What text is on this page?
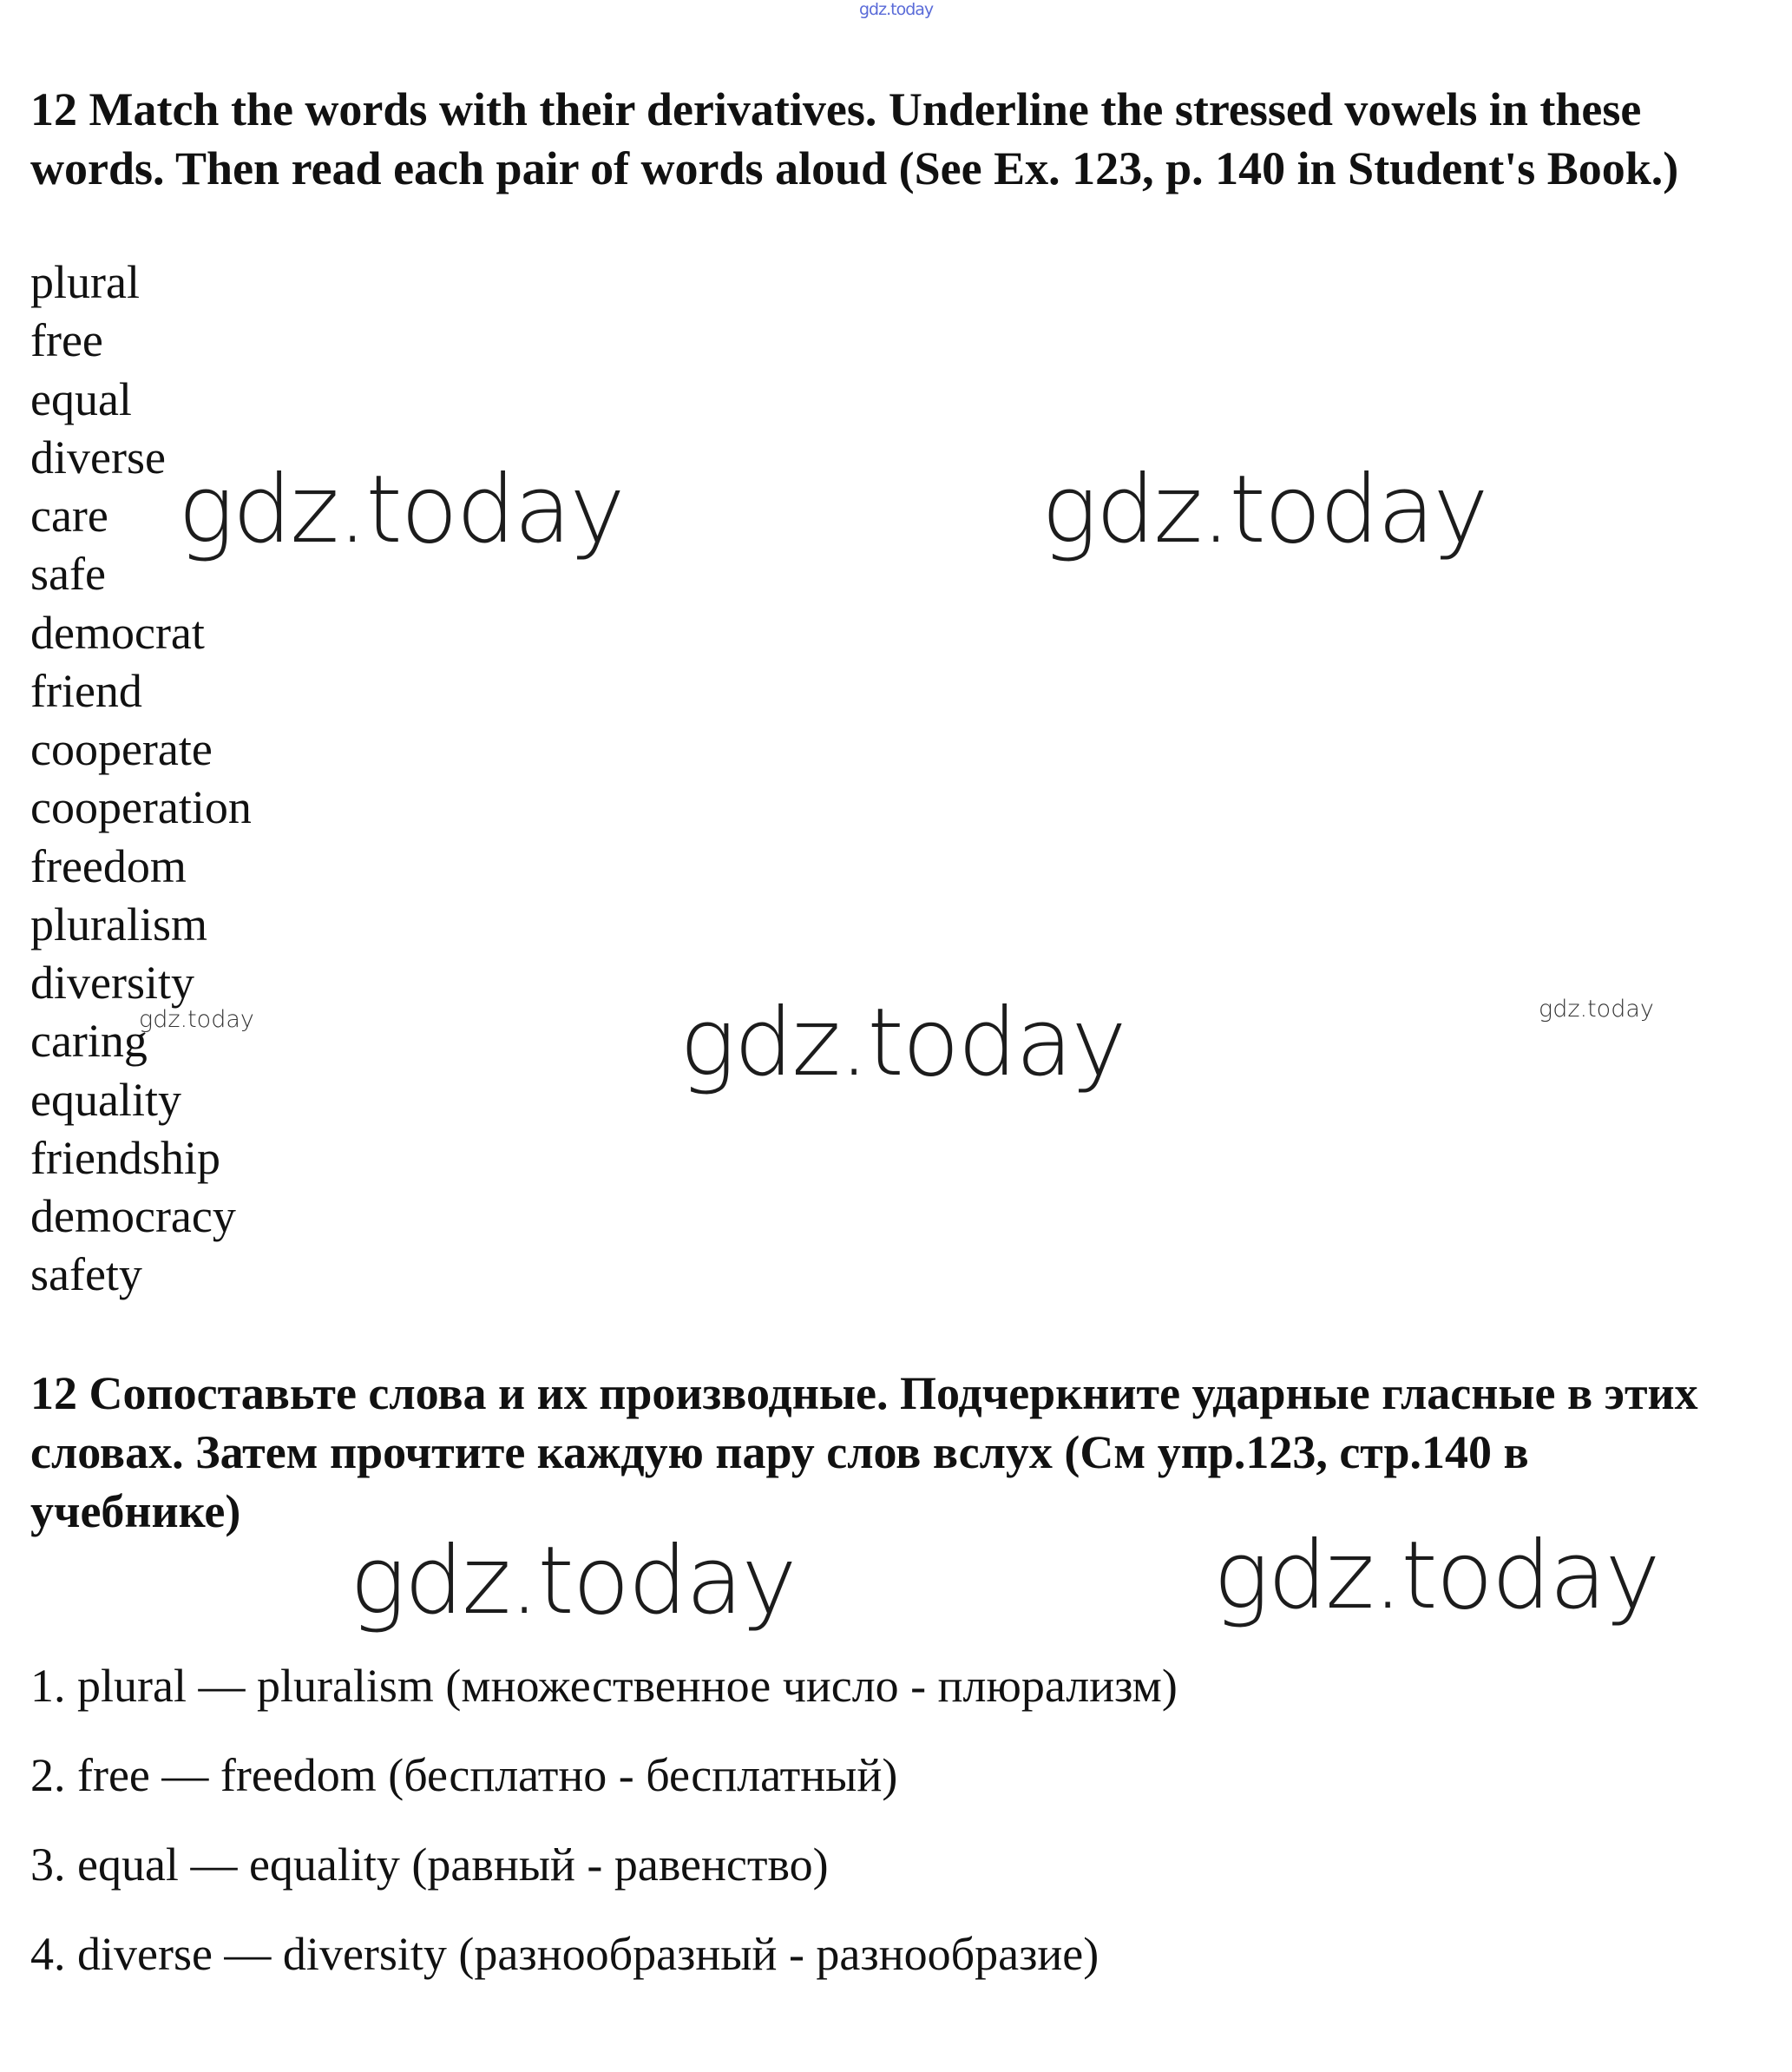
gdz.today

12 Match the words with their derivatives. Underline the stressed vowels in these words. Then read each pair of words aloud (See Ex. 123, p. 140 in Student's Book.)

plural
free
equal
diverse
care
safe
democrat
friend
cooperate
cooperation
freedom
pluralism
diversity
caring
equality
friendship
democracy
safety

12 Сопоставьте слова и их производные. Подчеркните ударные гласные в этих словах. Затем прочтите каждую пару слов вслух (См упр.123, стр.140 в учебнике)

1. plural — pluralism (множественное число - плюрализм)
2. free — freedom (бесплатно - бесплатный)
3. equal — equality (равный - равенство)
4. diverse — diversity (разнообразный - разнообразие)
gdz.today	gdz.today
gdz.today
gdz.today	gdz.today
gdz.today	gdz.today
